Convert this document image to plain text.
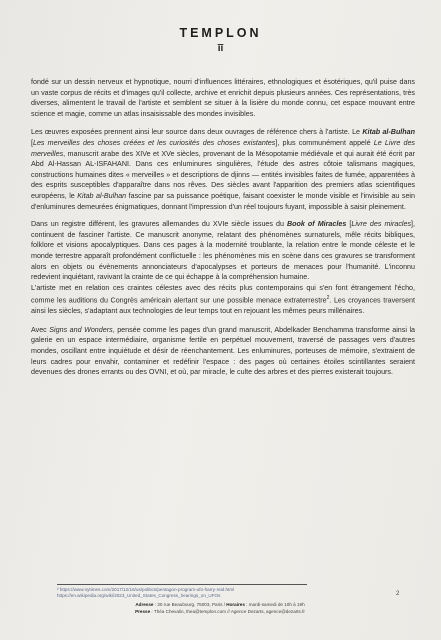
TEMPLON
īī

fondé sur un dessin nerveux et hypnotique, nourri d'influences littéraires, ethnologiques et ésotériques, qu'il puise dans un vaste corpus de récits et d'images qu'il collecte, archive et enrichit depuis plusieurs années. Ces représentations, très diverses, alimentent le travail de l'artiste et semblent se situer à la lisière du monde connu, cet espace mouvant entre science et magie, comme un atlas insaisissable des mondes invisibles.

Les œuvres exposées prennent ainsi leur source dans deux ouvrages de référence chers à l'artiste. Le Kitab al-Bulhan [Les merveilles des choses créées et les curiosités des choses existantes], plus communément appelé Le Livre des merveilles, manuscrit arabe des XIVe et XVe siècles, provenant de la Mésopotamie médiévale et qui aurait été écrit par Abd Al-Hassan AL-ISFAHANI. Dans ces enluminures singulières, l'étude des astres côtoie talismans magiques, constructions humaines dites « merveilles » et descriptions de djinns — entités invisibles faites de fumée, apparentées à des esprits susceptibles d'apparaître dans nos rêves. Des siècles avant l'apparition des premiers atlas scientifiques européens, le Kitab al-Bulhan fascine par sa puissance poétique, faisant coexister le monde visible et l'invisible au sein d'enluminures demeurées énigmatiques, donnant l'impression d'un réel toujours fuyant, impossible à saisir pleinement.

Dans un registre différent, les gravures allemandes du XVIe siècle issues du Book of Miracles [Livre des miracles], continuent de fasciner l'artiste. Ce manuscrit anonyme, relatant des phénomènes surnaturels, mêle récits bibliques, folklore et visions apocalyptiques. Dans ces pages à la modernité troublante, la relation entre le monde céleste et le monde terrestre apparaît profondément conflictuelle : les phénomènes mis en scène dans ces gravures se transforment alors en objets ou évènements annonciateurs d'apocalypses et porteurs de menaces pour l'humanité. L'inconnu redevient inquiétant, ravivant la crainte de ce qui échappe à la compréhension humaine.

L'artiste met en relation ces craintes célestes avec des récits plus contemporains qui s'en font étrangement l'écho, comme les auditions du Congrès américain alertant sur une possible menace extraterrestre$^2$. Les croyances traversent ainsi les siècles, s'adaptant aux technologies de leur temps tout en rejouant les mêmes peurs millénaires.

Avec Signs and Wonders, pensée comme les pages d'un grand manuscrit, Abdelkader Benchamma transforme ainsi la galerie en un espace intermédiaire, organisme fertile en perpétuel mouvement, traversé de passages vers d'autres mondes, oscillant entre inquiétude et désir de réenchantement. Les enluminures, porteuses de mémoire, s'extraient de leurs cadres pour envahir, contaminer et redéfinir l'espace : des pages où certaines étoiles scintillantes seraient devenues des drones errants ou des OVNI, et où, par miracle, le culte des arbres et des pierres existerait toujours.

² https://www.nytimes.com/2017/12/16/us/politics/pentagon-program-ufo-harry-reid.html
https://en.wikipedia.org/wiki/2023_United_States_Congress_hearings_on_UFOs	2
Adresse : 30 rue Beaubourg, 75003, Paris / Horaires : mardi-samedi de 10h à 19h
Presse : Théa Chevalin, thea@templon.com // Agence Dezarts, agence@dezarts.fr
